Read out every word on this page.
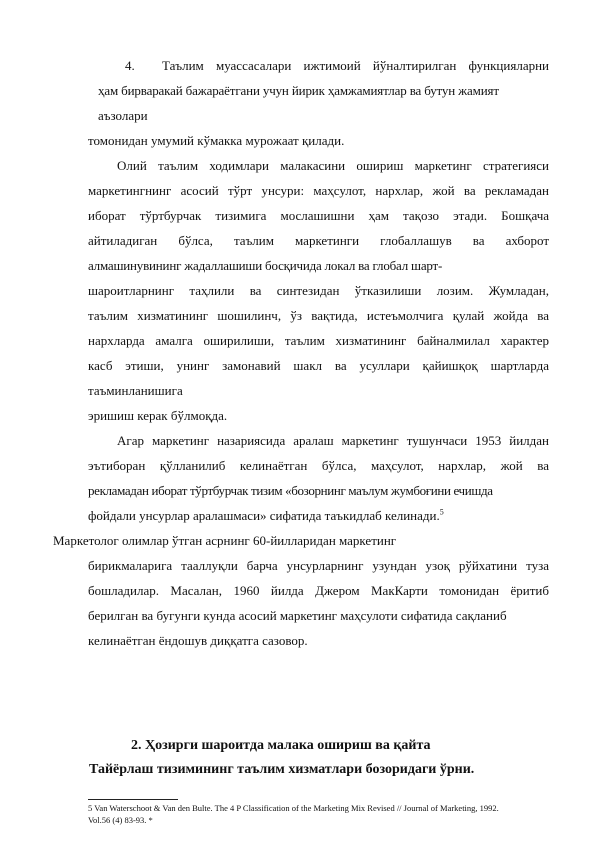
4. Таълим муассасалари ижтимоий йўналтирилган функцияларни
ҳам бирваракай бажараётгани учун йирик ҳамжамиятлар ва бутун жамият
аъзолари
томонидан умумий кўмакка мурожаат қилади.
Олий таълим ходимлари малакасини ошириш маркетинг стратегияси
маркетингнинг асосий тўрт унсури: маҳсулот, нархлар, жой ва рекламадан
иборат тўртбурчак тизимига мослашишни ҳам тақозо этади. Бошқача
айтиладиган бўлса, таълим маркетинги глобаллашув ва ахборот
алмашинувининг жадаллашиши босқичида локал ва глобал шарт-
шароитларнинг таҳлили ва синтезидан ўтказилиши лозим. Жумладан,
таълим хизматининг шошилинч, ўз вақтида, истеъмолчига қулай жойда ва
нархларда амалга оширилиши, таълим хизматининг байналмилал характер
касб этиши, унинг замонавий шакл ва усуллари қайишқоқ шартларда
таъминланишига
эришиш керак бўлмоқда.
Агар маркетинг назариясида аралаш маркетинг тушунчаси 1953 йилдан
эътиборан қўлланилиб келинаётган бўлса, маҳсулот, нархлар, жой ва
рекламадан иборат тўртбурчак тизим «бозорнинг маълум жумбоғини ечишда
фойдали унсурлар аралашмаси» сифатида таъкидлаб келинади.$^5$
Маркетолог олимлар ўтган асрнинг 60-йилларидан маркетинг
бирикмаларига тааллуқли барча унсурларнинг узундан узоқ рўйхатини туза
бошладилар. Масалан, 1960 йилда Джером МакКарти томонидан ёритиб
берилган ва бугунги кунда асосий маркетинг маҳсулоти сифатида сақланиб
келинаётган ёндошув диққатга сазовор.
2. Ҳозирги шароитда малака ошириш ва қайта
Тайёрлаш тизимининг таълим хизматлари бозоридаги ўрни.
5 Van Waterschoot & Van den Bulte. The 4 P Classification of the Marketing Mix Revised // Journal of Marketing, 1992.
Vol.56 (4) 83-93. *
